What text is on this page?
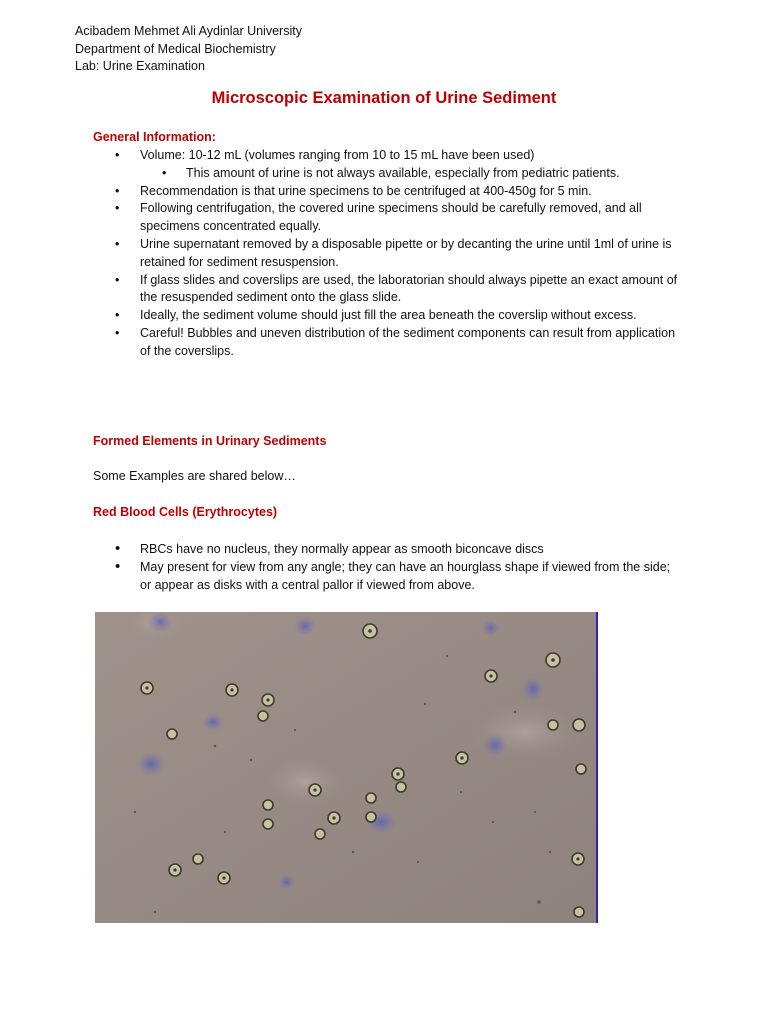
Acibadem Mehmet Ali Aydinlar University
Department of Medical Biochemistry
Lab: Urine Examination
Microscopic Examination of Urine Sediment
General Information:
• Volume: 10-12 mL (volumes ranging from 10 to 15 mL have been used)
• This amount of urine is not always available, especially from pediatric patients.
• Recommendation is that urine specimens to be centrifuged at 400-450g for 5 min.
• Following centrifugation, the covered urine specimens should be carefully removed, and all specimens concentrated equally.
• Urine supernatant removed by a disposable pipette or by decanting the urine until 1ml of urine is retained for sediment resuspension.
• If glass slides and coverslips are used, the laboratorian should always pipette an exact amount of the resuspended sediment onto the glass slide.
• Ideally, the sediment volume should just fill the area beneath the coverslip without excess.
• Careful! Bubbles and uneven distribution of the sediment components can result from application of the coverslips.
Formed Elements in Urinary Sediments
Some Examples are shared below…
Red Blood Cells (Erythrocytes)
• RBCs have no nucleus, they normally appear as smooth biconcave discs
• May present for view from any angle; they can have an hourglass shape if viewed from the side; or appear as disks with a central pallor if viewed from above.
